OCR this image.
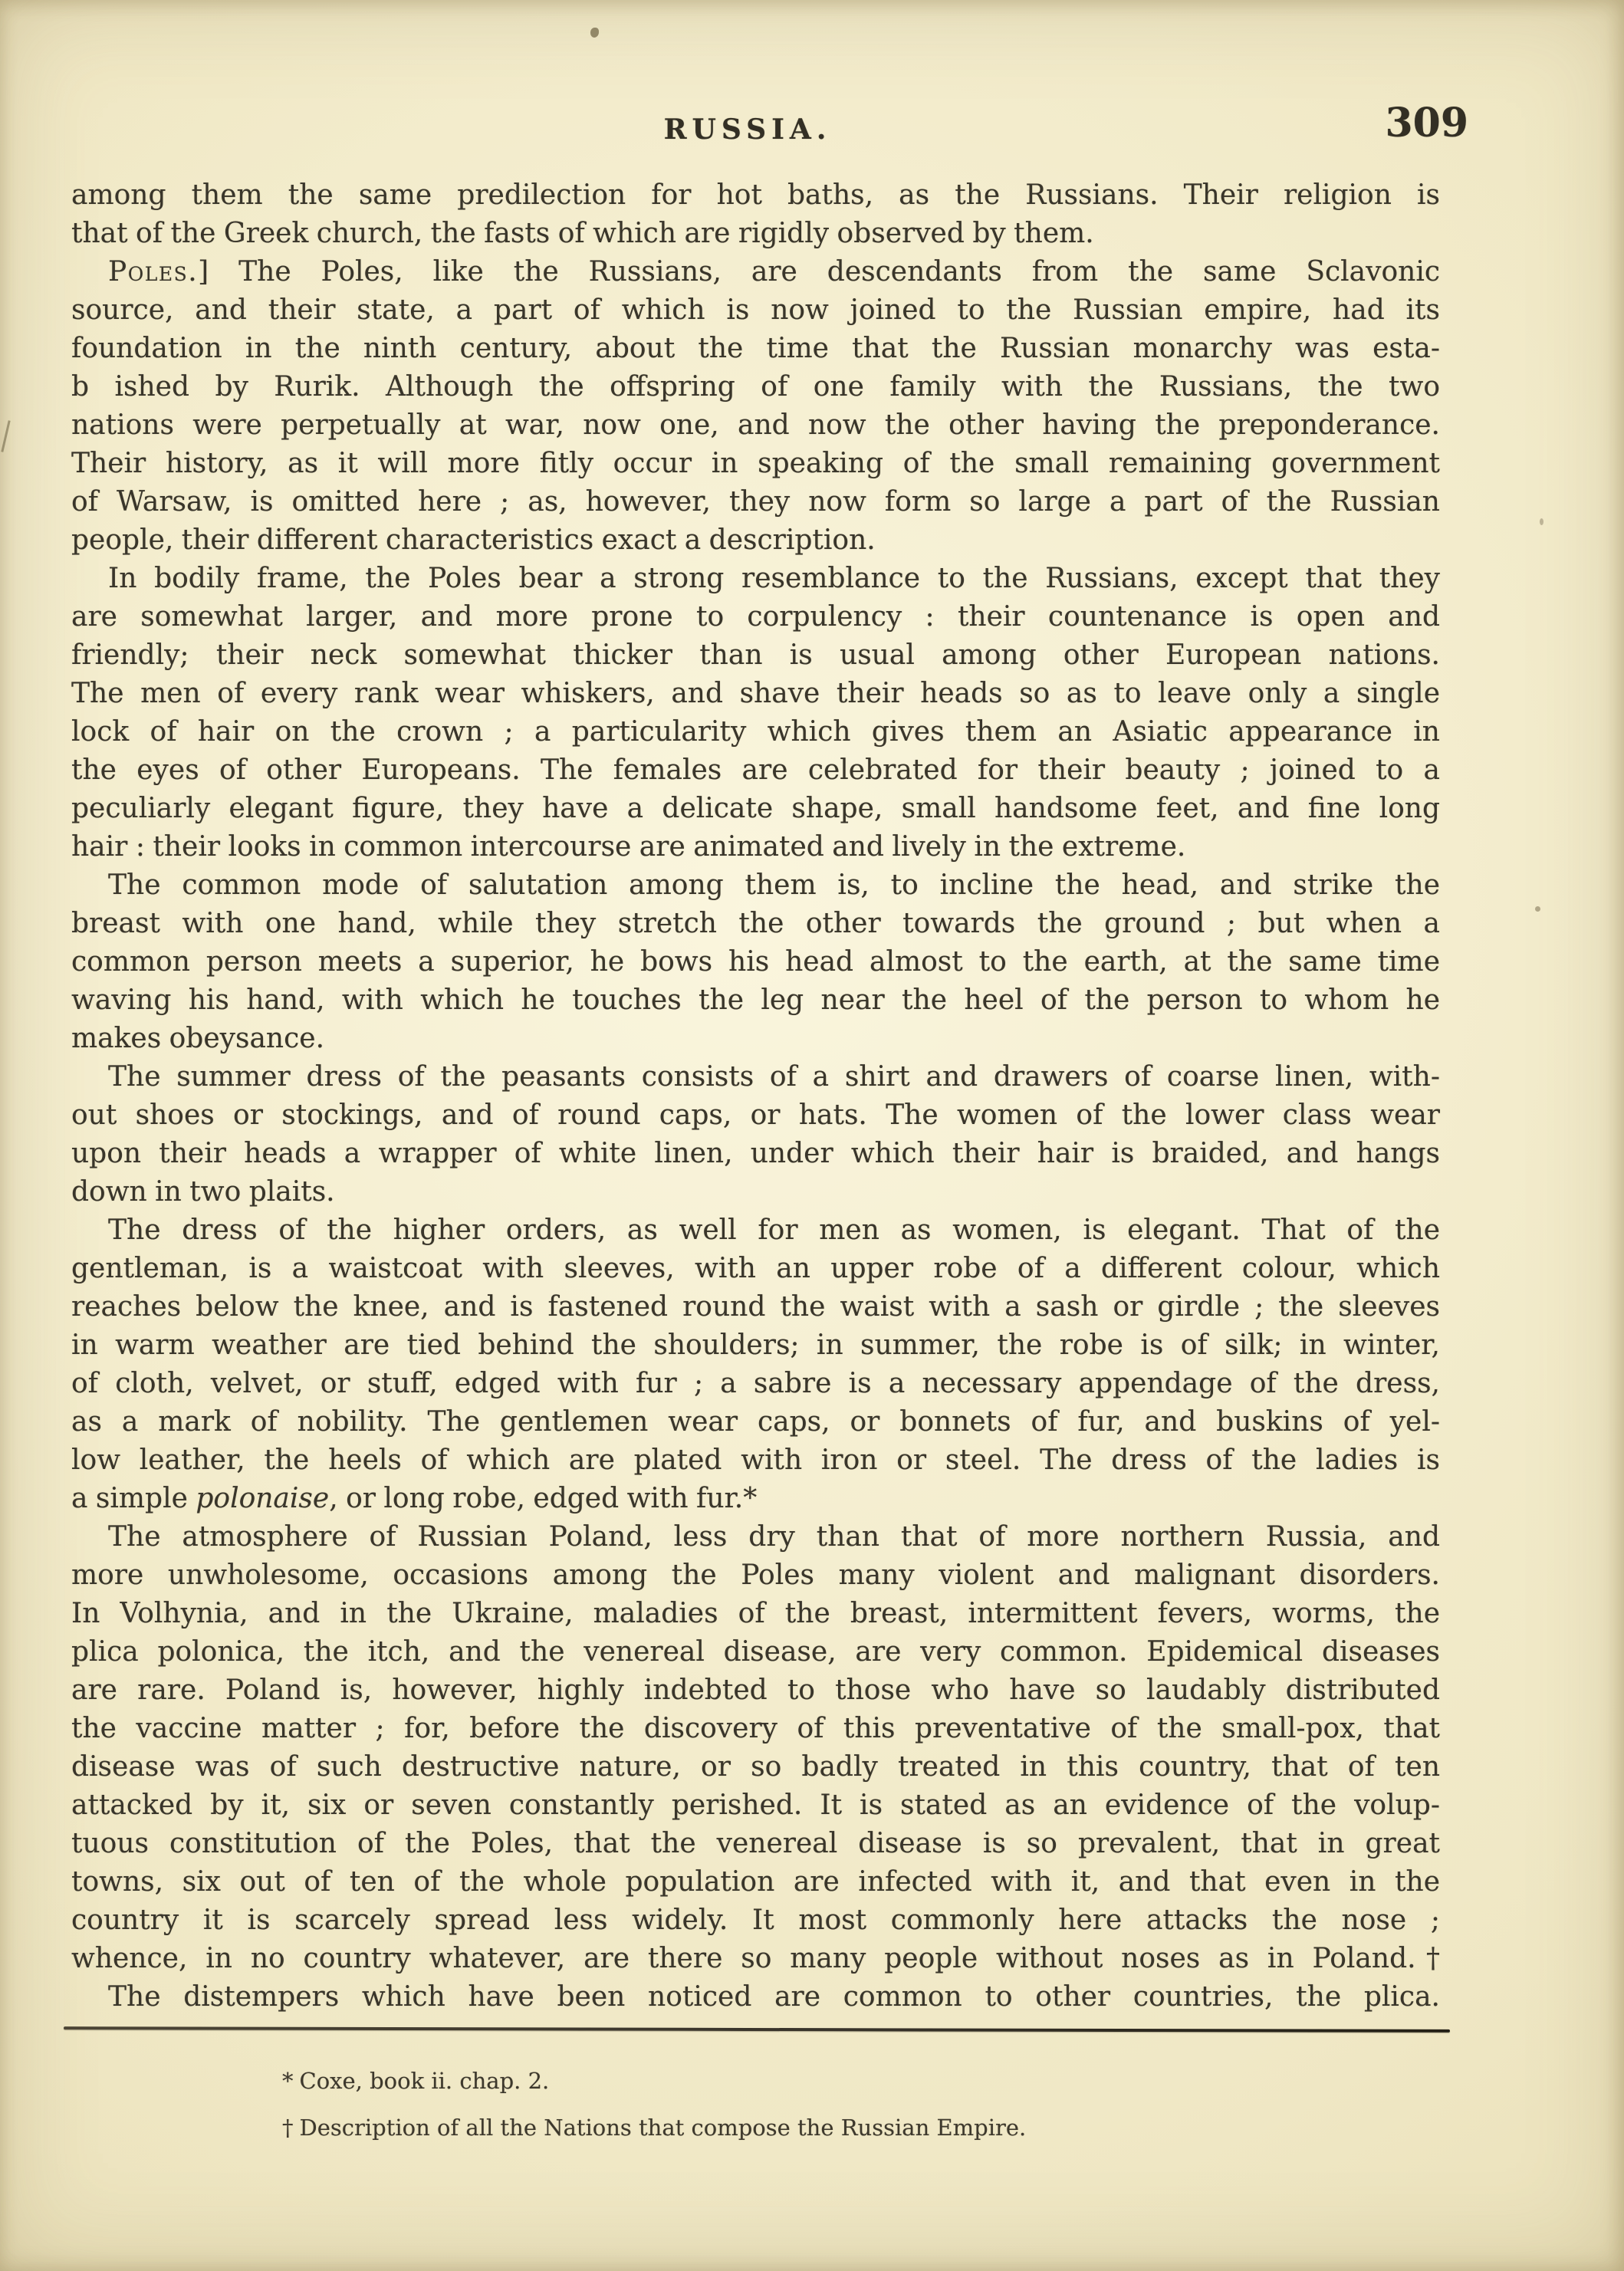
RUSSIA.	309
among them the same predilection for hot baths, as the Russians. Their religion is
that of the Greek church, the fasts of which are rigidly observed by them.
Poles.] The Poles, like the Russians, are descendants from the same Sclavonic
source, and their state, a part of which is now joined to the Russian empire, had its
foundation in the ninth century, about the time that the Russian monarchy was esta-
b ished by Rurik. Although the offspring of one family with the Russians, the two
nations were perpetually at war, now one, and now the other having the preponderance.
Their history, as it will more fitly occur in speaking of the small remaining government
of Warsaw, is omitted here ; as, however, they now form so large a part of the Russian
people, their different characteristics exact a description.
In bodily frame, the Poles bear a strong resemblance to the Russians, except that they
are somewhat larger, and more prone to corpulency : their countenance is open and
friendly; their neck somewhat thicker than is usual among other European nations.
The men of every rank wear whiskers, and shave their heads so as to leave only a single
lock of hair on the crown ; a particularity which gives them an Asiatic appearance in
the eyes of other Europeans. The females are celebrated for their beauty ; joined to a
peculiarly elegant figure, they have a delicate shape, small handsome feet, and fine long
hair : their looks in common intercourse are animated and lively in the extreme.
The common mode of salutation among them is, to incline the head, and strike the
breast with one hand, while they stretch the other towards the ground ; but when a
common person meets a superior, he bows his head almost to the earth, at the same time
waving his hand, with which he touches the leg near the heel of the person to whom he
makes obeysance.
The summer dress of the peasants consists of a shirt and drawers of coarse linen, with-
out shoes or stockings, and of round caps, or hats. The women of the lower class wear
upon their heads a wrapper of white linen, under which their hair is braided, and hangs
down in two plaits.
The dress of the higher orders, as well for men as women, is elegant. That of the
gentleman, is a waistcoat with sleeves, with an upper robe of a different colour, which
reaches below the knee, and is fastened round the waist with a sash or girdle ; the sleeves
in warm weather are tied behind the shoulders; in summer, the robe is of silk; in winter,
of cloth, velvet, or stuff, edged with fur ; a sabre is a necessary appendage of the dress,
as a mark of nobility. The gentlemen wear caps, or bonnets of fur, and buskins of yel-
low leather, the heels of which are plated with iron or steel. The dress of the ladies is
a simple polonaise, or long robe, edged with fur.*
The atmosphere of Russian Poland, less dry than that of more northern Russia, and
more unwholesome, occasions among the Poles many violent and malignant disorders.
In Volhynia, and in the Ukraine, maladies of the breast, intermittent fevers, worms, the
plica polonica, the itch, and the venereal disease, are very common. Epidemical diseases
are rare. Poland is, however, highly indebted to those who have so laudably distributed
the vaccine matter ; for, before the discovery of this preventative of the small-pox, that
disease was of such destructive nature, or so badly treated in this country, that of ten
attacked by it, six or seven constantly perished. It is stated as an evidence of the volup-
tuous constitution of the Poles, that the venereal disease is so prevalent, that in great
towns, six out of ten of the whole population are infected with it, and that even in the
country it is scarcely spread less widely. It most commonly here attacks the nose ;
whence, in no country whatever, are there so many people without noses as in Poland.†
The distempers which have been noticed are common to other countries, the plica.
* Coxe, book ii. chap. 2.
† Description of all the Nations that compose the Russian Empire.
